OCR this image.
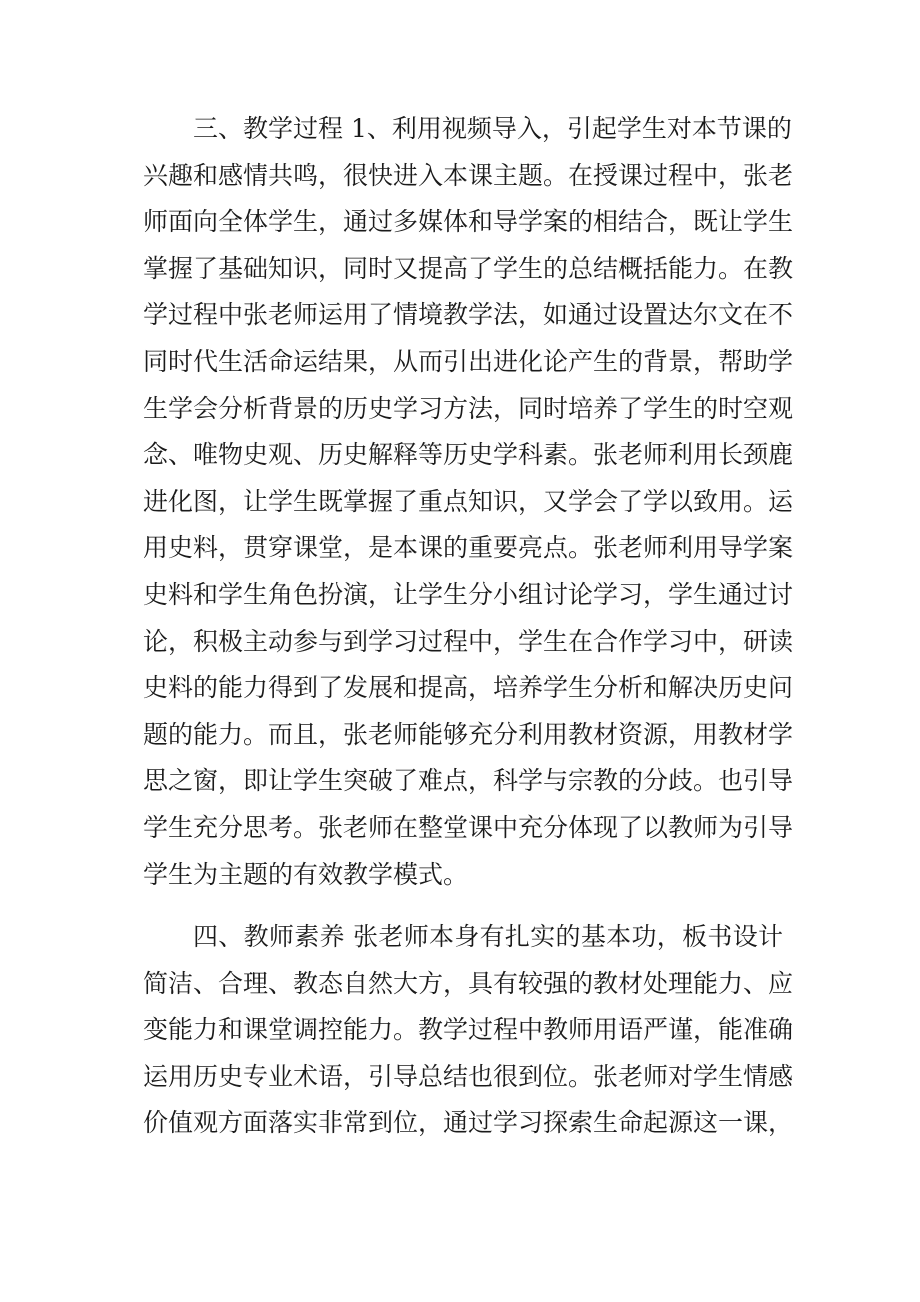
三、教学过程 1、利用视频导入，引起学生对本节课的
兴趣和感情共鸣，很快进入本课主题。在授课过程中，张老
师面向全体学生，通过多媒体和导学案的相结合，既让学生
掌握了基础知识，同时又提高了学生的总结概括能力。在教
学过程中张老师运用了情境教学法，如通过设置达尔文在不
同时代生活命运结果，从而引出进化论产生的背景，帮助学
生学会分析背景的历史学习方法，同时培养了学生的时空观
念、唯物史观、历史解释等历史学科素。张老师利用长颈鹿
进化图，让学生既掌握了重点知识，又学会了学以致用。运
用史料，贯穿课堂，是本课的重要亮点。张老师利用导学案
史料和学生角色扮演，让学生分小组讨论学习，学生通过讨
论，积极主动参与到学习过程中，学生在合作学习中，研读
史料的能力得到了发展和提高，培养学生分析和解决历史问
题的能力。而且，张老师能够充分利用教材资源，用教材学
思之窗，即让学生突破了难点，科学与宗教的分歧。也引导
学生充分思考。张老师在整堂课中充分体现了以教师为引导
学生为主题的有效教学模式。
四、教师素养 张老师本身有扎实的基本功，板书设计
简洁、合理、教态自然大方，具有较强的教材处理能力、应
变能力和课堂调控能力。教学过程中教师用语严谨，能准确
运用历史专业术语，引导总结也很到位。张老师对学生情感
价值观方面落实非常到位，通过学习探索生命起源这一课，
